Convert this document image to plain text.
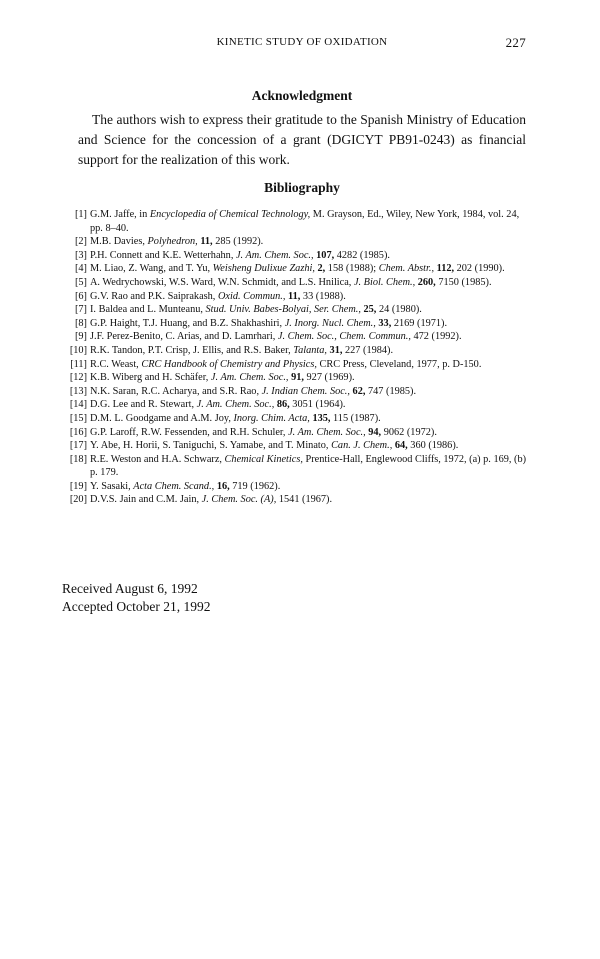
KINETIC STUDY OF OXIDATION	227
Acknowledgment
The authors wish to express their gratitude to the Spanish Ministry of Education and Science for the concession of a grant (DGICYT PB91-0243) as financial support for the realization of this work.
Bibliography
[1] G.M. Jaffe, in Encyclopedia of Chemical Technology, M. Grayson, Ed., Wiley, New York, 1984, vol. 24, pp. 8–40.
[2] M.B. Davies, Polyhedron, 11, 285 (1992).
[3] P.H. Connett and K.E. Wetterhahn, J. Am. Chem. Soc., 107, 4282 (1985).
[4] M. Liao, Z. Wang, and T. Yu, Weisheng Dulixue Zazhi, 2, 158 (1988); Chem. Abstr., 112, 202 (1990).
[5] A. Wedrychowski, W.S. Ward, W.N. Schmidt, and L.S. Hnilica, J. Biol. Chem., 260, 7150 (1985).
[6] G.V. Rao and P.K. Saiprakash, Oxid. Commun., 11, 33 (1988).
[7] I. Baldea and L. Munteanu, Stud. Univ. Babes-Bolyai, Ser. Chem., 25, 24 (1980).
[8] G.P. Haight, T.J. Huang, and B.Z. Shakhashiri, J. Inorg. Nucl. Chem., 33, 2169 (1971).
[9] J.F. Perez-Benito, C. Arias, and D. Lamrhari, J. Chem. Soc., Chem. Commun., 472 (1992).
[10] R.K. Tandon, P.T. Crisp, J. Ellis, and R.S. Baker, Talanta, 31, 227 (1984).
[11] R.C. Weast, CRC Handbook of Chemistry and Physics, CRC Press, Cleveland, 1977, p. D-150.
[12] K.B. Wiberg and H. Schäfer, J. Am. Chem. Soc., 91, 927 (1969).
[13] N.K. Saran, R.C. Acharya, and S.R. Rao, J. Indian Chem. Soc., 62, 747 (1985).
[14] D.G. Lee and R. Stewart, J. Am. Chem. Soc., 86, 3051 (1964).
[15] D.M. L. Goodgame and A.M. Joy, Inorg. Chim. Acta, 135, 115 (1987).
[16] G.P. Laroff, R.W. Fessenden, and R.H. Schuler, J. Am. Chem. Soc., 94, 9062 (1972).
[17] Y. Abe, H. Horii, S. Taniguchi, S. Yamabe, and T. Minato, Can. J. Chem., 64, 360 (1986).
[18] R.E. Weston and H.A. Schwarz, Chemical Kinetics, Prentice-Hall, Englewood Cliffs, 1972, (a) p. 169, (b) p. 179.
[19] Y. Sasaki, Acta Chem. Scand., 16, 719 (1962).
[20] D.V.S. Jain and C.M. Jain, J. Chem. Soc. (A), 1541 (1967).
Received August 6, 1992
Accepted October 21, 1992
